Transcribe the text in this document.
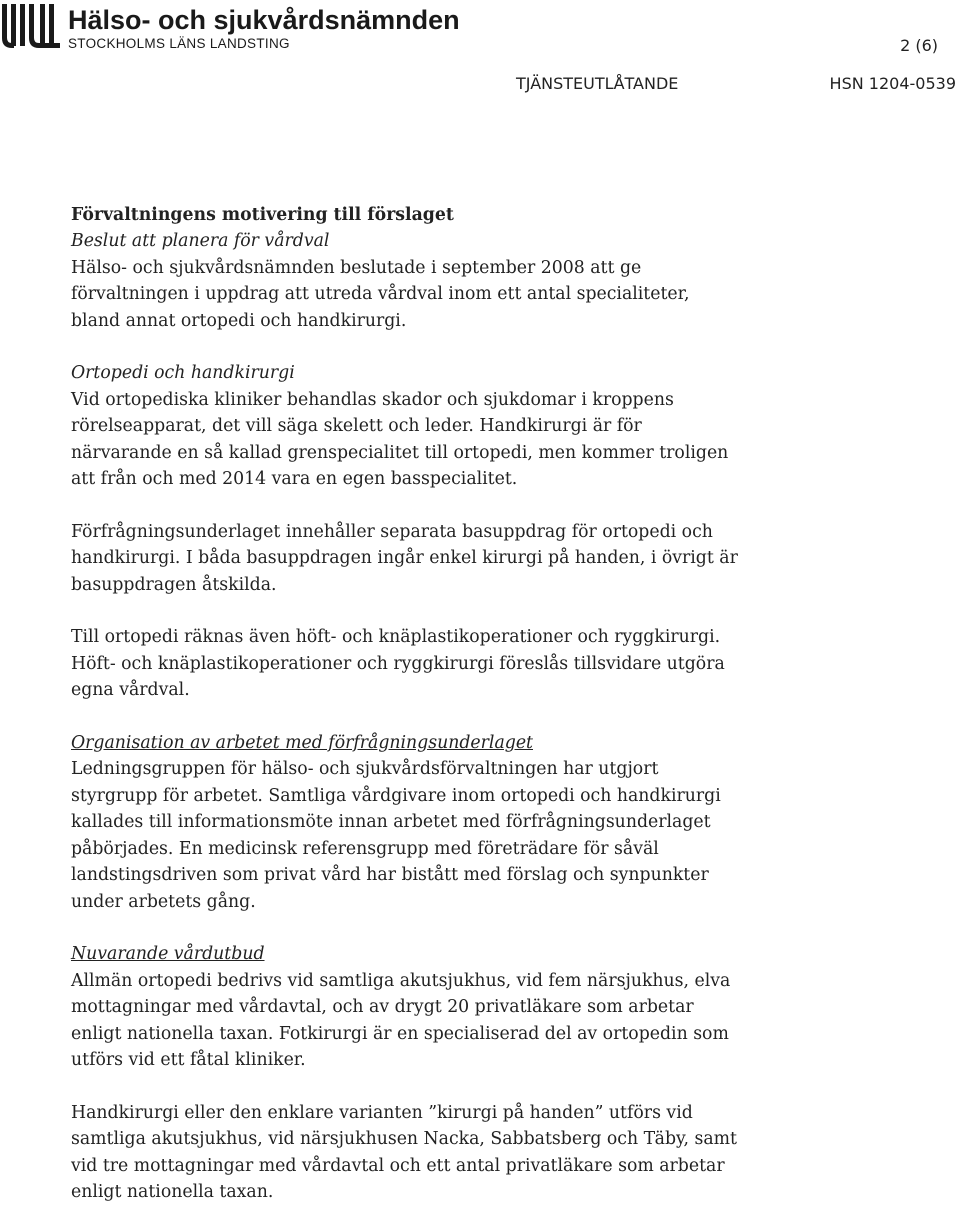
Hälso- och sjukvårdsnämnden
STOCKHOLMS LÄNS LANDSTING	2 (6)
TJÄNSTEUTLÅTANDE	HSN 1204-0539

Förvaltningens motivering till förslaget

Beslut att planera för vårdval

Hälso- och sjukvårdsnämnden beslutade i september 2008 att ge
förvaltningen i uppdrag att utreda vårdval inom ett antal specialiteter,
bland annat ortopedi och handkirurgi.

Ortopedi och handkirurgi

Vid ortopediska kliniker behandlas skador och sjukdomar i kroppens
rörelseapparat, det vill säga skelett och leder. Handkirurgi är för
närvarande en så kallad grenspecialitet till ortopedi, men kommer troligen
att från och med 2014 vara en egen basspecialitet.

Förfrågningsunderlaget innehåller separata basuppdrag för ortopedi och
handkirurgi. I båda basuppdragen ingår enkel kirurgi på handen, i övrigt är
basuppdragen åtskilda.

Till ortopedi räknas även höft- och knäplastikoperationer och ryggkirurgi.
Höft- och knäplastikoperationer och ryggkirurgi föreslås tillsvidare utgöra
egna vårdval.

Organisation av arbetet med förfrågningsunderlaget

Ledningsgruppen för hälso- och sjukvårdsförvaltningen har utgjort
styrgrupp för arbetet. Samtliga vårdgivare inom ortopedi och handkirurgi
kallades till informationsmöte innan arbetet med förfrågningsunderlaget
påbörjades. En medicinsk referensgrupp med företrädare för såväl
landstingsdriven som privat vård har bistått med förslag och synpunkter
under arbetets gång.

Nuvarande vårdutbud

Allmän ortopedi bedrivs vid samtliga akutsjukhus, vid fem närsjukhus, elva
mottagningar med vårdavtal, och av drygt 20 privatläkare som arbetar
enligt nationella taxan. Fotkirurgi är en specialiserad del av ortopedin som
utförs vid ett fåtal kliniker.

Handkirurgi eller den enklare varianten ”kirurgi på handen” utförs vid
samtliga akutsjukhus, vid närsjukhusen Nacka, Sabbatsberg och Täby, samt
vid tre mottagningar med vårdavtal och ett antal privatläkare som arbetar
enligt nationella taxan.
